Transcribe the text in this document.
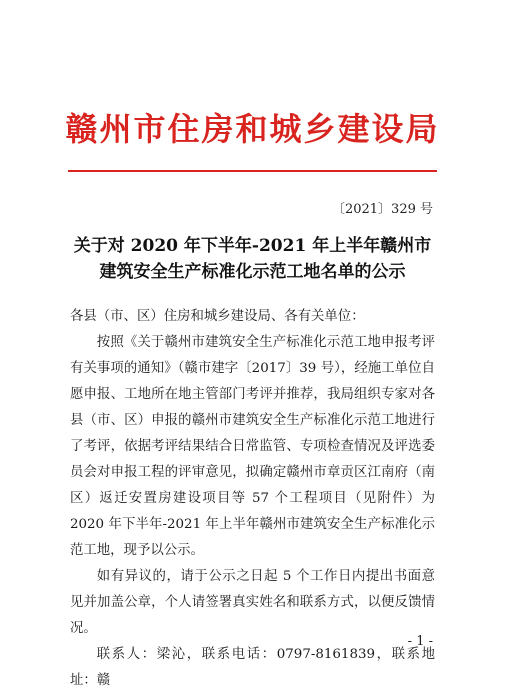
赣州市住房和城乡建设局
〔2021〕329 号
关于对 2020 年下半年-2021 年上半年赣州市
建筑安全生产标准化示范工地名单的公示

各县（市、区）住房和城乡建设局、各有关单位：

按照《关于赣州市建筑安全生产标准化示范工地申报考评有关事项的通知》（赣市建字〔2017〕39 号），经施工单位自愿申报、工地所在地主管部门考评并推荐，我局组织专家对各县（市、区）申报的赣州市建筑安全生产标准化示范工地进行了考评，依据考评结果结合日常监管、专项检查情况及评选委员会对申报工程的评审意见，拟确定赣州市章贡区江南府（南区）返迁安置房建设项目等 57 个工程项目（见附件）为 2020 年下半年-2021 年上半年赣州市建筑安全生产标准化示范工地，现予以公示。

如有异议的，请于公示之日起 5 个工作日内提出书面意见并加盖公章，个人请签署真实姓名和联系方式，以便反馈情况。

联系人：梁沁，联系电话：0797-8161839，联系地址：赣

- 1 -
